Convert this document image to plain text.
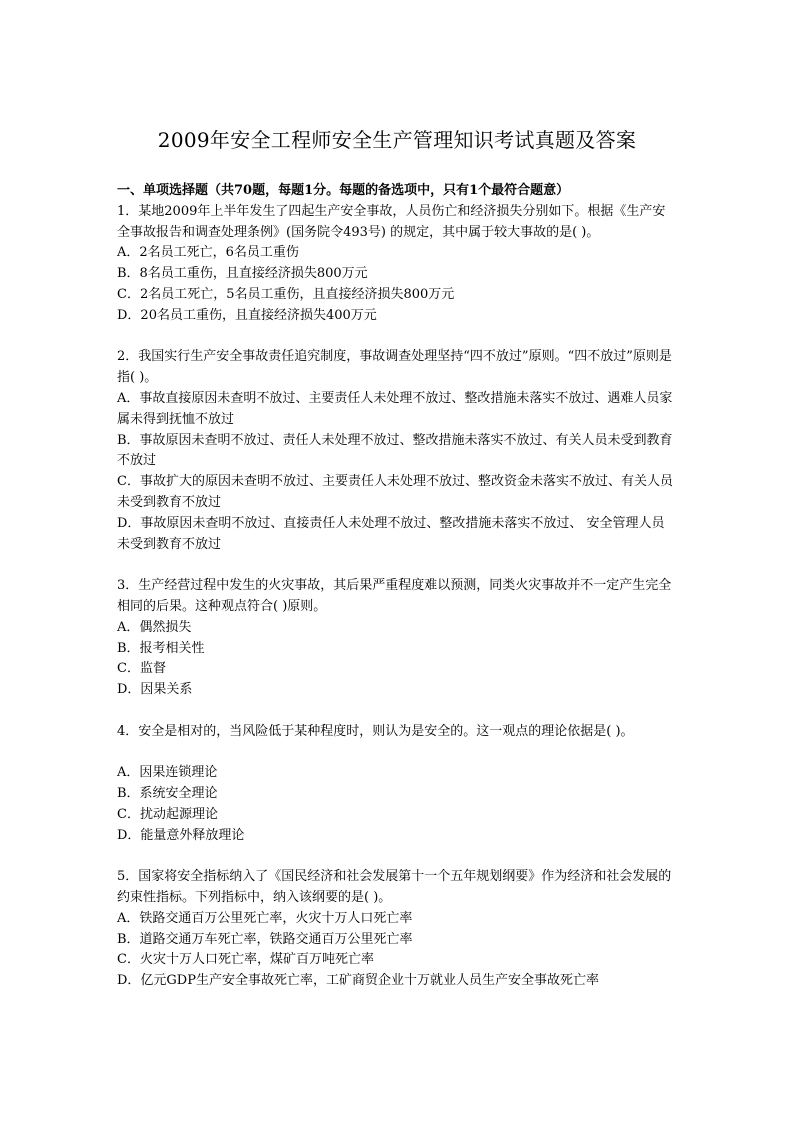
2009年安全工程师安全生产管理知识考试真题及答案

一、单项选择题（共70题，每题1分。每题的备选项中，只有1个最符合题意）

1．某地2009年上半年发生了四起生产安全事故，人员伤亡和经济损失分别如下。根据《生产安全事故报告和调查处理条例》(国务院令493号) 的规定，其中属于较大事故的是( )。

A．2名员工死亡，6名员工重伤

B．8名员工重伤，且直接经济损失800万元

C．2名员工死亡，5名员工重伤，且直接经济损失800万元

D．20名员工重伤，且直接经济损失400万元

2．我国实行生产安全事故责任追究制度，事故调查处理坚持“四不放过”原则。“四不放过”原则是指( )。

A．事故直接原因未查明不放过、主要责任人未处理不放过、整改措施未落实不放过、遇难人员家属未得到抚恤不放过

B．事故原因未查明不放过、责任人未处理不放过、整改措施未落实不放过、有关人员未受到教育不放过

C．事故扩大的原因未查明不放过、主要责任人未处理不放过、整改资金未落实不放过、有关人员未受到教育不放过

D．事故原因未查明不放过、直接责任人未处理不放过、整改措施未落实不放过、 安全管理人员未受到教育不放过

3．生产经营过程中发生的火灾事故，其后果严重程度难以预测，同类火灾事故并不一定产生完全相同的后果。这种观点符合( )原则。

A．偶然损失

B．报考相关性

C．监督

D．因果关系

4．安全是相对的，当风险低于某种程度时，则认为是安全的。这一观点的理论依据是( )。

A．因果连锁理论

B．系统安全理论

C．扰动起源理论

D．能量意外释放理论

5．国家将安全指标纳入了《国民经济和社会发展第十一个五年规划纲要》作为经济和社会发展的约束性指标。下列指标中，纳入该纲要的是( )。

A．铁路交通百万公里死亡率，火灾十万人口死亡率

B．道路交通万车死亡率，铁路交通百万公里死亡率

C．火灾十万人口死亡率，煤矿百万吨死亡率

D．亿元GDP生产安全事故死亡率，工矿商贸企业十万就业人员生产安全事故死亡率
